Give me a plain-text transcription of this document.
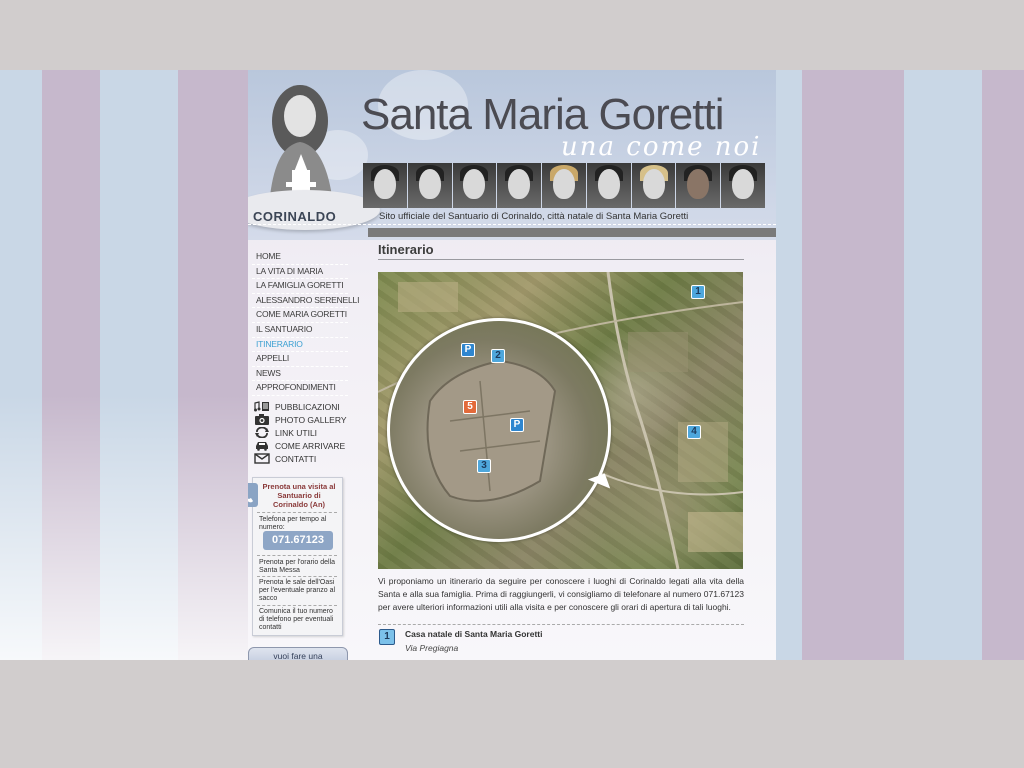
CORINALDO
Santa Maria Goretti
una come noi
Sito ufficiale del Santuario di Corinaldo, città natale di Santa Maria Goretti
HOME
LA VITA DI MARIA
LA FAMIGLIA GORETTI
ALESSANDRO SERENELLI
COME MARIA GORETTI
IL SANTUARIO
ITINERARIO
APPELLI
NEWS
APPROFONDIMENTI
PUBBLICAZIONI
PHOTO GALLERY
LINK UTILI
COME ARRIVARE
CONTATTI
Prenota una visita al Santuario di Corinaldo (An)
Telefona per tempo al numero:
071.67123
Prenota per l'orario della Santa Messa
Prenota le sale dell'Oasi per l'eventuale pranzo al sacco
Comunica il tuo numero di telefono per eventuali contatti
vuoi fare una
Itinerario
1
2
3
4
5
P
P
Vi proponiamo un itinerario da seguire per conoscere i luoghi di Corinaldo legati alla vita della Santa e alla sua famiglia. Prima di raggiungerli, vi consigliamo di telefonare al numero 071.67123 per avere ulteriori informazioni utili alla visita e per conoscere gli orari di apertura di tali luoghi.
1	Casa natale di Santa Maria Goretti
Via Pregiagna
